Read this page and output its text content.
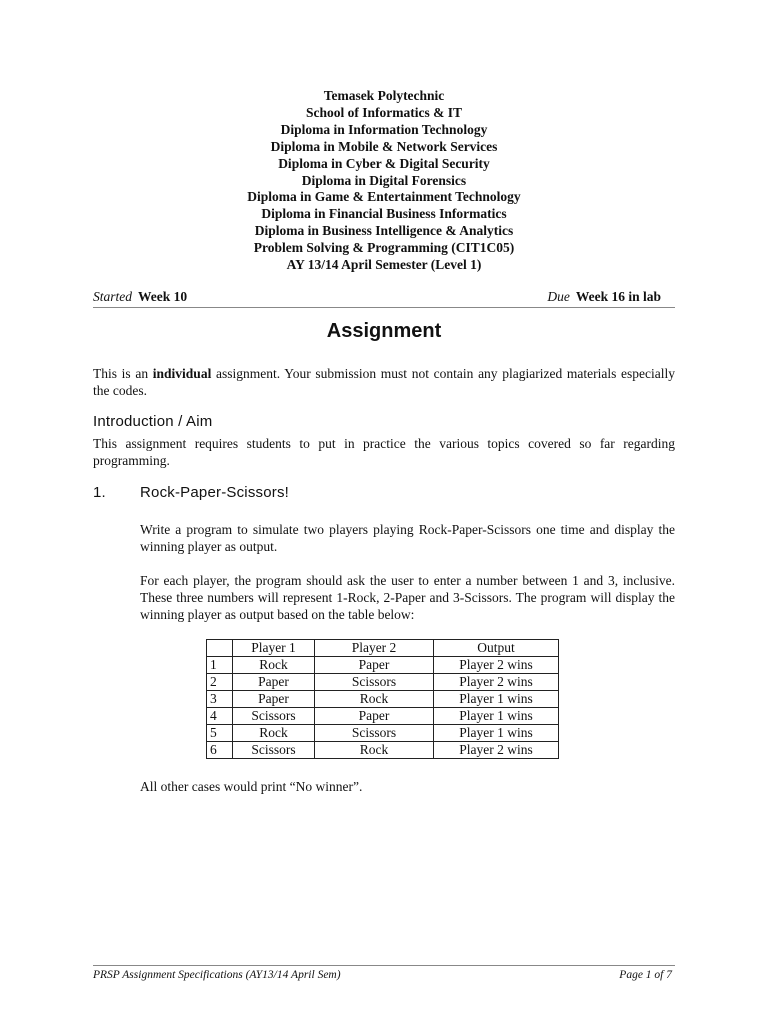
Temasek Polytechnic
School of Informatics & IT
Diploma in Information Technology
Diploma in Mobile & Network Services
Diploma in Cyber & Digital Security
Diploma in Digital Forensics
Diploma in Game & Entertainment Technology
Diploma in Financial Business Informatics
Diploma in Business Intelligence & Analytics
Problem Solving & Programming (CIT1C05)
AY 13/14 April Semester (Level 1)
Started Week 10	Due Week 16 in lab
Assignment
This is an individual assignment. Your submission must not contain any plagiarized materials especially the codes.
Introduction / Aim
This assignment requires students to put in practice the various topics covered so far regarding programming.
1. Rock-Paper-Scissors!
Write a program to simulate two players playing Rock-Paper-Scissors one time and display the winning player as output.
For each player, the program should ask the user to enter a number between 1 and 3, inclusive. These three numbers will represent 1-Rock, 2-Paper and 3-Scissors. The program will display the winning player as output based on the table below:
	Player 1	Player 2	Output
1	Rock	Paper	Player 2 wins
2	Paper	Scissors	Player 2 wins
3	Paper	Rock	Player 1 wins
4	Scissors	Paper	Player 1 wins
5	Rock	Scissors	Player 1 wins
6	Scissors	Rock	Player 2 wins
All other cases would print “No winner”.
PRSP Assignment Specifications (AY13/14 April Sem)	Page 1 of 7
